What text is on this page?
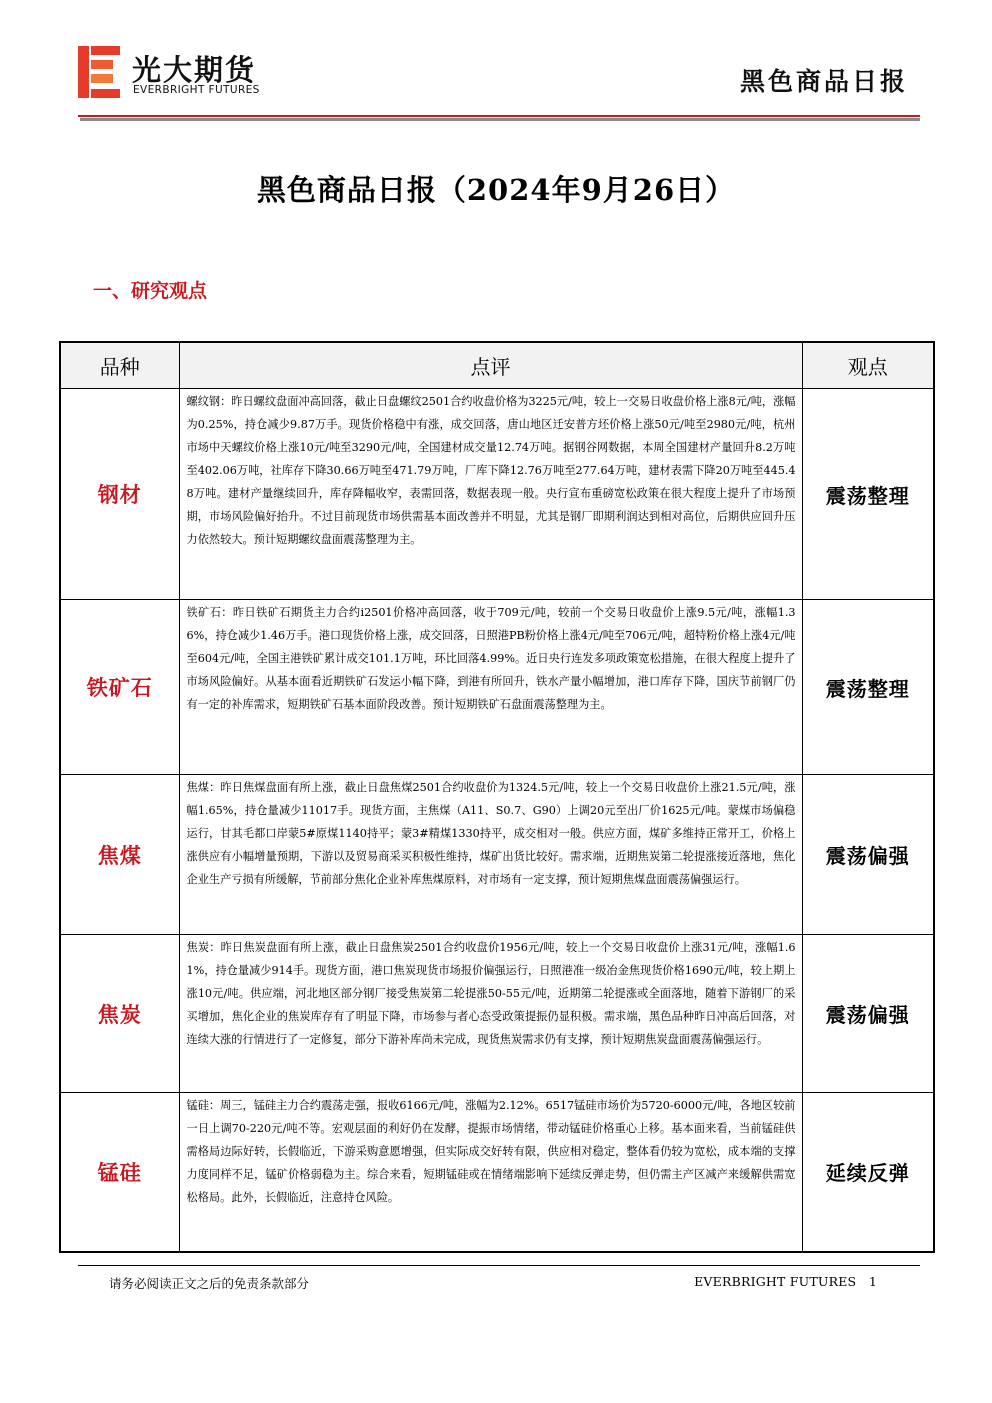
光大期货
EVERBRIGHT FUTURES	黑色商品日报
黑色商品日报（2024年9月26日）
一、研究观点
品种	点评	观点
钢材	螺纹钢：昨日螺纹盘面冲高回落，截止日盘螺纹2501合约收盘价格为3225元/吨，较上一交易日收盘价格上涨8元/吨，涨幅为0.25%，持仓减少9.87万手。现货价格稳中有涨，成交回落，唐山地区迁安普方坯价格上涨50元/吨至2980元/吨，杭州市场中天螺纹价格上涨10元/吨至3290元/吨，全国建材成交量12.74万吨。据钢谷网数据，本周全国建材产量回升8.2万吨至402.06万吨，社库存下降30.66万吨至471.79万吨，厂库下降12.76万吨至277.64万吨，建材表需下降20万吨至445.48万吨。建材产量继续回升，库存降幅收窄，表需回落，数据表现一般。央行宣布重磅宽松政策在很大程度上提升了市场预期，市场风险偏好抬升。不过目前现货市场供需基本面改善并不明显，尤其是钢厂即期利润达到相对高位，后期供应回升压力依然较大。预计短期螺纹盘面震荡整理为主。	震荡整理
铁矿石	铁矿石：昨日铁矿石期货主力合约i2501价格冲高回落，收于709元/吨，较前一个交易日收盘价上涨9.5元/吨，涨幅1.36%，持仓减少1.46万手。港口现货价格上涨，成交回落，日照港PB粉价格上涨4元/吨至706元/吨，超特粉价格上涨4元/吨至604元/吨，全国主港铁矿累计成交101.1万吨，环比回落4.99%。近日央行连发多项政策宽松措施，在很大程度上提升了市场风险偏好。从基本面看近期铁矿石发运小幅下降，到港有所回升，铁水产量小幅增加，港口库存下降，国庆节前钢厂仍有一定的补库需求，短期铁矿石基本面阶段改善。预计短期铁矿石盘面震荡整理为主。	震荡整理
焦煤	焦煤：昨日焦煤盘面有所上涨，截止日盘焦煤2501合约收盘价为1324.5元/吨，较上一个交易日收盘价上涨21.5元/吨，涨幅1.65%，持仓量减少11017手。现货方面，主焦煤（A11、S0.7、G90）上调20元至出厂价1625元/吨。蒙煤市场偏稳运行，甘其毛都口岸蒙5#原煤1140持平；蒙3#精煤1330持平，成交相对一般。供应方面，煤矿多维持正常开工，价格上涨供应有小幅增量预期，下游以及贸易商采买积极性维持，煤矿出货比较好。需求端，近期焦炭第二轮提涨接近落地，焦化企业生产亏损有所缓解，节前部分焦化企业补库焦煤原料，对市场有一定支撑，预计短期焦煤盘面震荡偏强运行。	震荡偏强
焦炭	焦炭：昨日焦炭盘面有所上涨，截止日盘焦炭2501合约收盘价1956元/吨，较上一个交易日收盘价上涨31元/吨，涨幅1.61%，持仓量减少914手。现货方面，港口焦炭现货市场报价偏强运行，日照港准一级冶金焦现货价格1690元/吨，较上期上涨10元/吨。供应端，河北地区部分钢厂接受焦炭第二轮提涨50-55元/吨，近期第二轮提涨或全面落地，随着下游钢厂的采买增加，焦化企业的焦炭库存有了明显下降，市场参与者心态受政策提振仍显积极。需求端，黑色品种昨日冲高后回落，对连续大涨的行情进行了一定修复，部分下游补库尚未完成，现货焦炭需求仍有支撑，预计短期焦炭盘面震荡偏强运行。	震荡偏强
锰硅	锰硅：周三，锰硅主力合约震荡走强，报收6166元/吨，涨幅为2.12%。6517锰硅市场价为5720-6000元/吨，各地区较前一日上调70-220元/吨不等。宏观层面的利好仍在发酵，提振市场情绪，带动锰硅价格重心上移。基本面来看，当前锰硅供需格局边际好转，长假临近，下游采购意愿增强，但实际成交好转有限，供应相对稳定，整体看仍较为宽松，成本端的支撑力度同样不足，锰矿价格弱稳为主。综合来看，短期锰硅或在情绪端影响下延续反弹走势，但仍需主产区减产来缓解供需宽松格局。此外，长假临近，注意持仓风险。	延续反弹
请务必阅读正文之后的免责条款部分	EVERBRIGHT FUTURES 1
